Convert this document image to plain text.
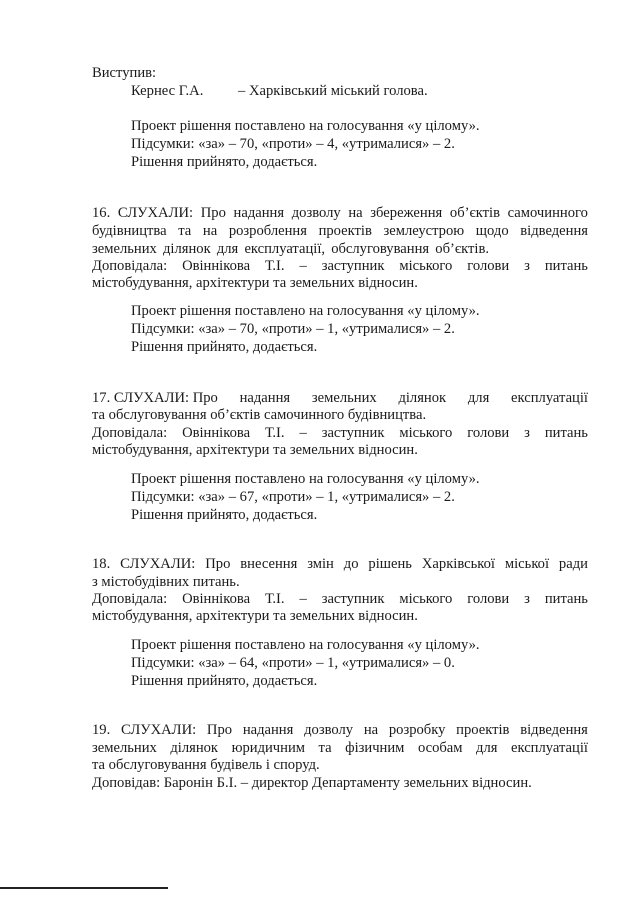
Виступив:
Кернес Г.А. – Харківський міський голова.
Проект рішення поставлено на голосування «у цілому».
Підсумки: «за» – 70, «проти» – 4, «утрималися» – 2.
Рішення прийнято, додається.
16. СЛУХАЛИ: Про надання дозволу на збереження об’єктів самочинного
будівництва та на розроблення проектів землеустрою щодо відведення
земельних ділянок для експлуатації, обслуговування об’єктів.
Доповідала: Овіннікова Т.І. – заступник міського голови з питань
містобудування, архітектури та земельних відносин.
Проект рішення поставлено на голосування «у цілому».
Підсумки: «за» – 70, «проти» – 1, «утрималися» – 2.
Рішення прийнято, додається.
17. СЛУХАЛИ: Про надання земельних ділянок для експлуатації
та обслуговування об’єктів самочинного будівництва.
Доповідала: Овіннікова Т.І. – заступник міського голови з питань
містобудування, архітектури та земельних відносин.
Проект рішення поставлено на голосування «у цілому».
Підсумки: «за» – 67, «проти» – 1, «утрималися» – 2.
Рішення прийнято, додається.
18. СЛУХАЛИ: Про внесення змін до рішень Харківської міської ради
з містобудівних питань.
Доповідала: Овіннікова Т.І. – заступник міського голови з питань
містобудування, архітектури та земельних відносин.
Проект рішення поставлено на голосування «у цілому».
Підсумки: «за» – 64, «проти» – 1, «утрималися» – 0.
Рішення прийнято, додається.
19. СЛУХАЛИ: Про надання дозволу на розробку проектів відведення
земельних ділянок юридичним та фізичним особам для експлуатації
та обслуговування будівель і споруд.
Доповідав: Баронін Б.І. – директор Департаменту земельних відносин.
